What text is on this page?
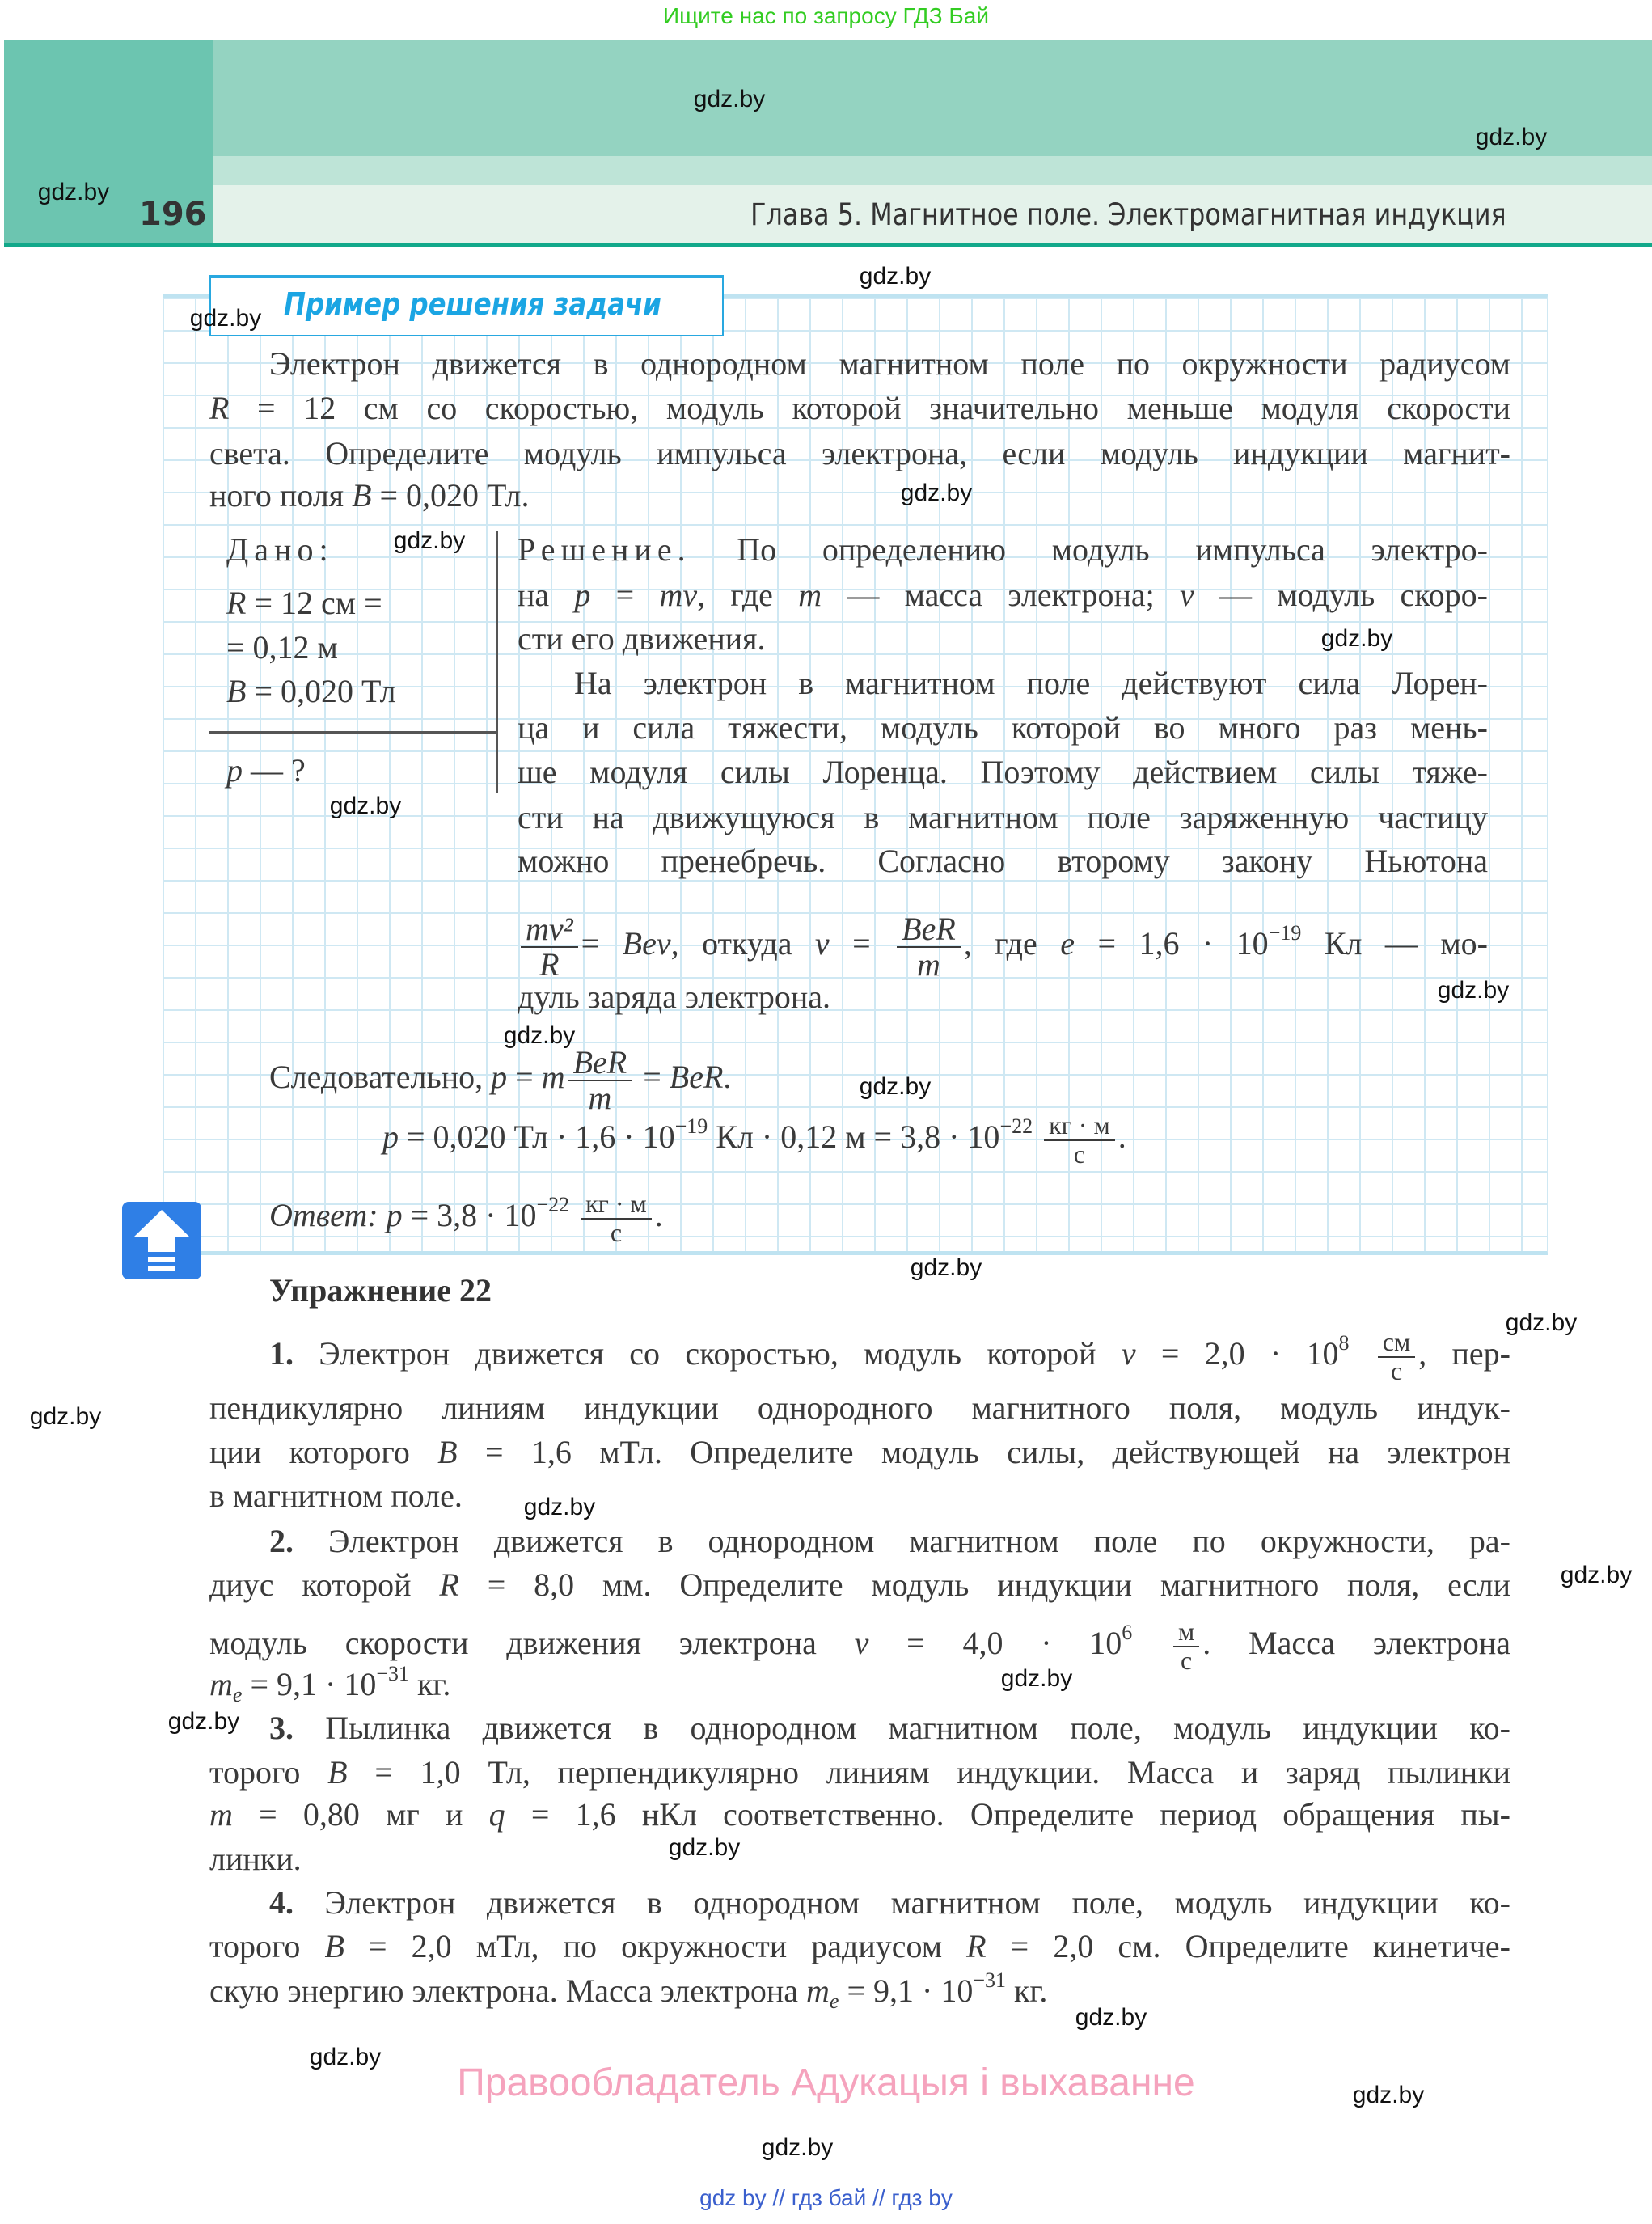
Ищите нас по запросу ГДЗ Бай
196	Глава 5. Магнитное поле. Электромагнитная индукция
Пример решения задачи
Электрон движется в однородном магнитном поле по окружности радиусом
R = 12 см со скоростью, модуль которой значительно меньше модуля скорости
света. Определите модуль импульса электрона, если модуль индукции магнит-
ного поля B = 0,020 Тл.
Дано:
R = 12 см =
= 0,12 м
B = 0,020 Тл
p — ?
Решение. По определению модуль импульса электро-
на p = mv, где m — масса электрона; v — модуль скоро-
сти его движения.
На электрон в магнитном поле действуют сила Лорен-
ца и сила тяжести, модуль которой во много раз мень-
ше модуля силы Лоренца. Поэтому действием силы тяже-
сти на движущуюся в магнитном поле заряженную частицу
можно пренебречь. Согласно второму закону Ньютона
$\frac{\text{mv²}}{R}$ = Bev, откуда $v = \frac{\text{BeR}}{m}$ , где $e = 1,6 \cdot 10^{-19}$ Кл — мо-
дуль заряда электрона.
Следовательно, p = m $\frac{\text{BeR}}{m}$ = BeR.
p = 0,020 Тл · $1,6 \cdot 10^{-19}$ Кл · 0,12 $м = 3,8 \cdot 10^{-22} \frac{кг \cdot м}{с}$ .
Ответ: $p = 3,8 \cdot 10^{-22} \frac{кг \cdot м}{с}$ .
1. Электрон движется со скоростью, модуль которой $v = 2,0 \cdot 10^8 \frac{см}{с}$ , пер-
пендикулярно линиям индукции однородного магнитного поля, модуль индук-
ции которого B = 1,6 мТл. Определите модуль силы, действующей на электрон
в магнитном поле.
2. Электрон движется в однородном магнитном поле по окружности, ра-
диус которой R = 8,0 мм. Определите модуль индукции магнитного поля, если
модуль скорости движения электрона $v = 4,0 \cdot 10^6 \frac{м}{с}$ . Масса электрона
$m_e = 9,1 \cdot 10^{-31}$ кг.
3. Пылинка движется в однородном магнитном поле, модуль индукции ко-
торого B = 1,0 Тл, перпендикулярно линиям индукции. Масса и заряд пылинки
m = 0,80 мг и q = 1,6 нКл соответственно. Определите период обращения пы-
линки.
4. Электрон движется в однородном магнитном поле, модуль индукции ко-
торого B = 2,0 мТл, по окружности радиусом R = 2,0 см. Определите кинетиче-
скую энергию электрона. Масса электрона $m_e = 9,1 \cdot 10^{-31}$ кг.
Упражнение 22
gdz.by
gdz.by
gdz.by
gdz.by
gdz.by
gdz.by
gdz.by
gdz.by
gdz.by
gdz.by
gdz.by
gdz.by
gdz.by
gdz.by
gdz.by
gdz.by
gdz.by
gdz.by
gdz.by
gdz.by
gdz.by
gdz.by
gdz.by
gdz.by
Правообладатель Адукацыя і выхаванне
gdz by // гдз бай // гдз by
